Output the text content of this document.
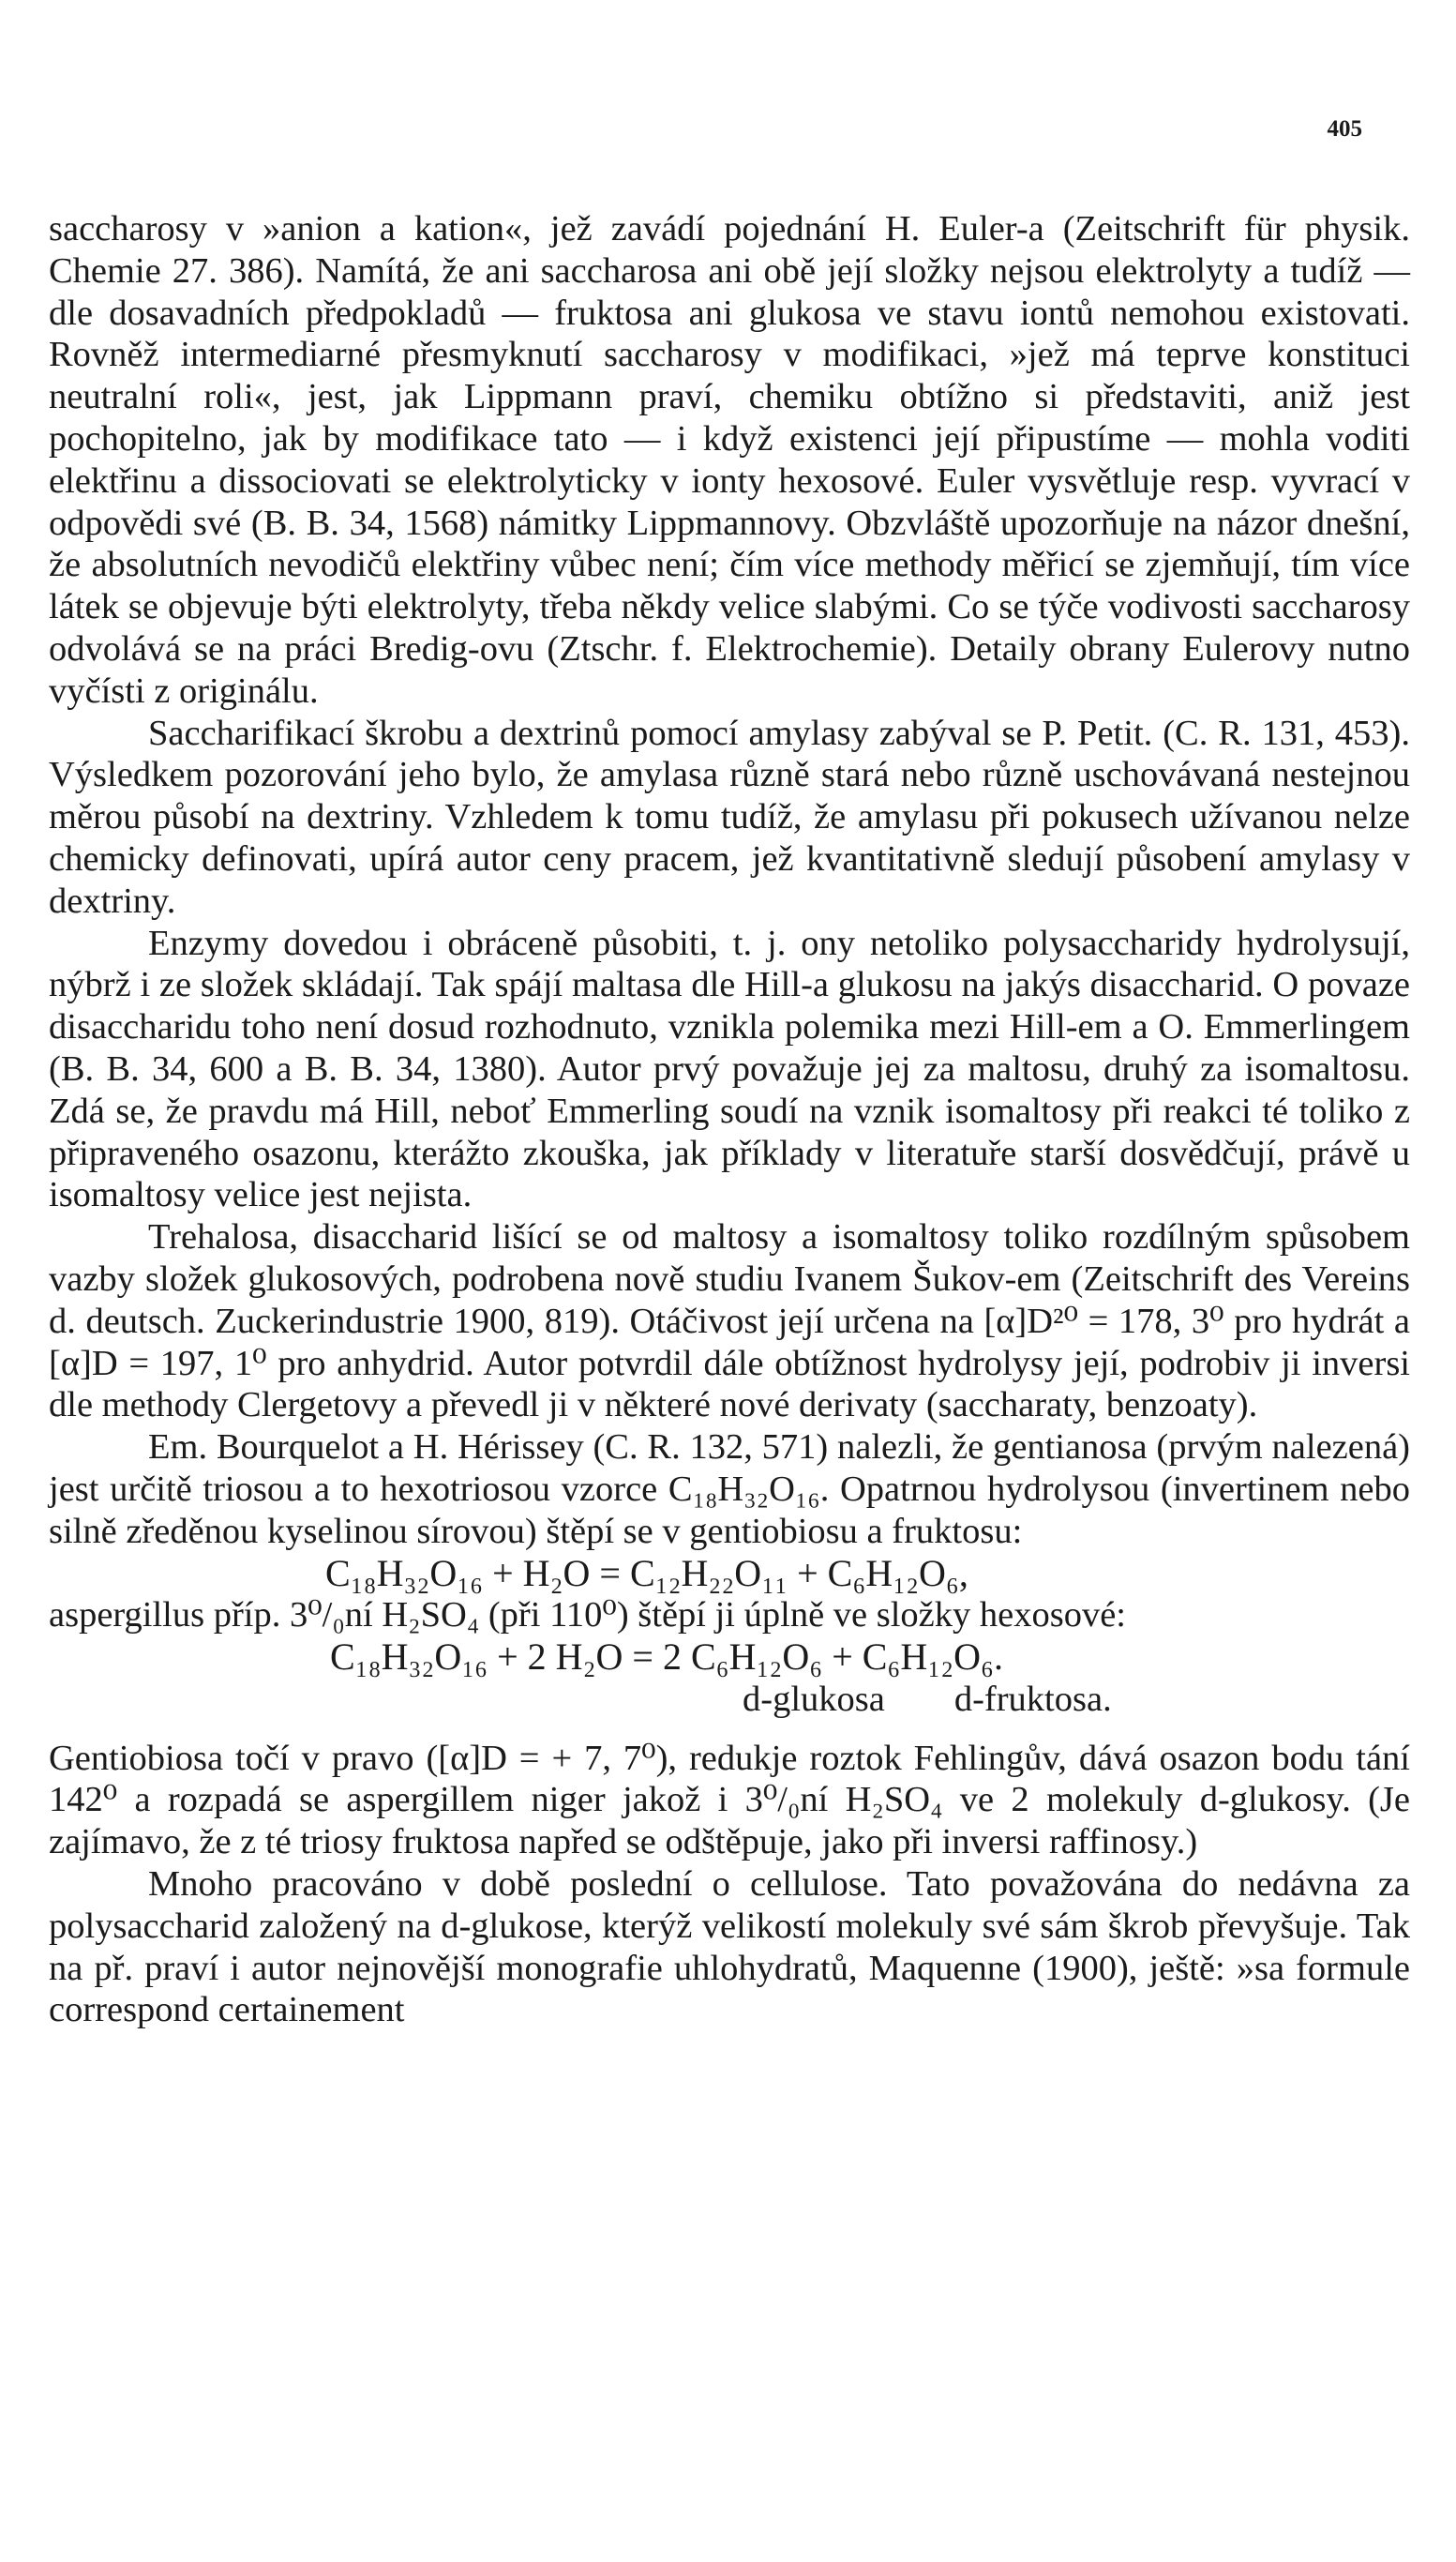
405

saccharosy v »anion a kation«, jež zavádí pojednání H. Euler-a (Zeitschrift für physik. Chemie 27. 386). Namítá, že ani saccharosa ani obě její složky nejsou elektrolyty a tudíž — dle dosavadních předpokladů — fruktosa ani glukosa ve stavu iontů nemohou existovati. Rovněž intermediarné přesmyknutí saccharosy v modifikaci, »jež má teprve konstituci neutralní roli«, jest, jak Lippmann praví, chemiku obtížno si představiti, aniž jest pochopitelno, jak by modifikace tato — i když existenci její připustíme — mohla voditi elektřinu a dissociovati se elektrolyticky v ionty hexosové. Euler vysvětluje resp. vyvrací v odpovědi své (B. B. 34, 1568) námitky Lippmannovy. Obzvláště upozorňuje na názor dnešní, že absolutních nevodičů elektřiny vůbec není; čím více methody měřicí se zjemňují, tím více látek se objevuje býti elektrolyty, třeba někdy velice slabými. Co se týče vodivosti saccharosy odvolává se na práci Bredig-ovu (Ztschr. f. Elektrochemie). Detaily obrany Eulerovy nutno vyčísti z originálu.

Saccharifikací škrobu a dextrinů pomocí amylasy zabýval se P. Petit. (C. R. 131, 453). Výsledkem pozorování jeho bylo, že amylasa různě stará nebo různě uschovávaná nestejnou měrou působí na dextriny. Vzhledem k tomu tudíž, že amylasu při pokusech užívanou nelze chemicky definovati, upírá autor ceny pracem, jež kvantitativně sledují působení amylasy v dextriny.

Enzymy dovedou i obráceně působiti, t. j. ony netoliko polysaccharidy hydrolysují, nýbrž i ze složek skládají. Tak spájí maltasa dle Hill-a glukosu na jakýs disaccharid. O povaze disaccharidu toho není dosud rozhodnuto, vznikla polemika mezi Hill-em a O. Emmerlingem (B. B. 34, 600 a B. B. 34, 1380). Autor prvý považuje jej za maltosu, druhý za isomaltosu. Zdá se, že pravdu má Hill, neboť Emmerling soudí na vznik isomaltosy při reakci té toliko z připraveného osazonu, kterážto zkouška, jak příklady v literatuře starší dosvědčují, právě u isomaltosy velice jest nejista.

Trehalosa, disaccharid lišící se od maltosy a isomaltosy toliko rozdílným spůsobem vazby složek glukosových, podrobena nově studiu Ivanem Šukov-em (Zeitschrift des Vereins d. deutsch. Zuckerindustrie 1900, 819). Otáčivost její určena na [α]D²⁰ = 178, 3⁰ pro hydrát a [α]D = 197, 1⁰ pro anhydrid. Autor potvrdil dále obtížnost hydrolysy její, podrobiv ji inversi dle methody Clergetovy a převedl ji v některé nové derivaty (saccharaty, benzoaty).

Em. Bourquelot a H. Hérissey (C. R. 132, 571) nalezli, že gentianosa (prvým nalezená) jest určitě triosou a to hexotriosou vzorce C₁₈H₃₂O₁₆. Opatrnou hydrolysou (invertinem nebo silně zředěnou kyselinou sírovou) štěpí se v gentiobiosu a fruktosu:

C₁₈H₃₂O₁₆ + H₂O = C₁₂H₂₂O₁₁ + C₆H₁₂O₆,

aspergillus příp. 3⁰/₀ní H₂SO₄ (při 110⁰) štěpí ji úplně ve složky hexosové:

C₁₈H₃₂O₁₆ + 2 H₂O = 2 C₆H₁₂O₆ + C₆H₁₂O₆.

d-glukosa d-fruktosa.

Gentiobiosa točí v pravo ([α]D = + 7, 7⁰), redukje roztok Fehlingův, dává osazon bodu tání 142⁰ a rozpadá se aspergillem niger jakož i 3⁰/₀ní H₂SO₄ ve 2 molekuly d-glukosy. (Je zajímavo, že z té triosy fruktosa napřed se odštěpuje, jako při inversi raffinosy.)

Mnoho pracováno v době poslední o cellulose. Tato považována do nedávna za polysaccharid založený na d-glukose, kterýž velikostí molekuly své sám škrob převyšuje. Tak na př. praví i autor nejnovější monografie uhlohydratů, Maquenne (1900), ještě: »sa formule correspond certainement
